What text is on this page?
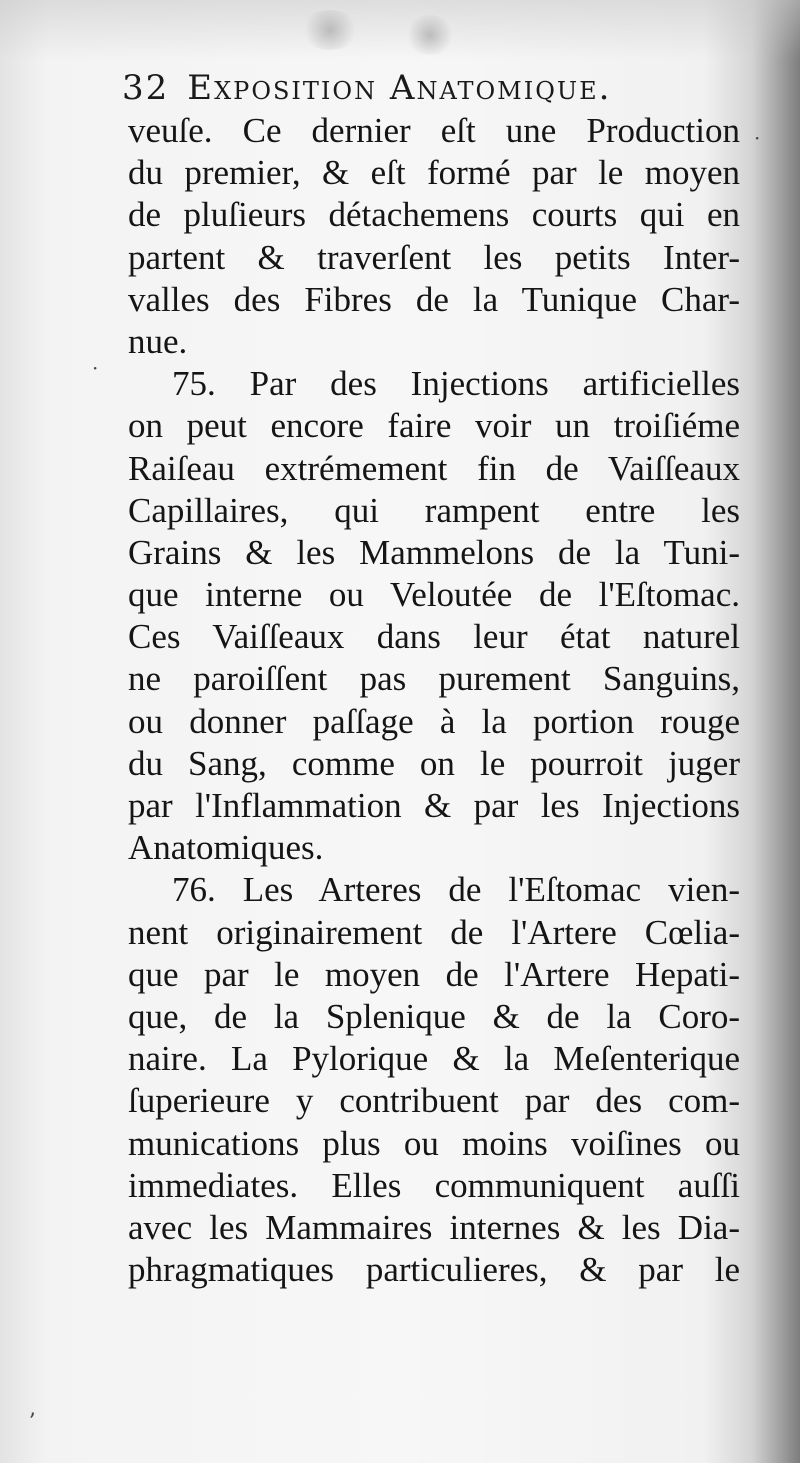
32 Exposition Anatomique.
veuſe. Ce dernier eſt une Production
du premier, & eſt formé par le moyen
de pluſieurs détachemens courts qui en
partent & traverſent les petits Inter-
valles des Fibres de la Tunique Char-
nue.
75. Par des Injections artificielles
on peut encore faire voir un troiſiéme
Raiſeau extrémement fin de Vaiſſeaux
Capillaires, qui rampent entre les
Grains & les Mammelons de la Tuni-
que interne ou Veloutée de l'Eſtomac.
Ces Vaiſſeaux dans leur état naturel
ne paroiſſent pas purement Sanguins,
ou donner paſſage à la portion rouge
du Sang, comme on le pourroit juger
par l'Inflammation & par les Injections
Anatomiques.
76. Les Arteres de l'Eſtomac vien-
nent originairement de l'Artere Cœlia-
que par le moyen de l'Artere Hepati-
que, de la Splenique & de la Coro-
naire. La Pylorique & la Meſenterique
ſuperieure y contribuent par des com-
munications plus ou moins voiſines ou
immediates. Elles communiquent auſſi
avec les Mammaires internes & les Dia-
phragmatiques particulieres, & par le
·
·
ʼ
